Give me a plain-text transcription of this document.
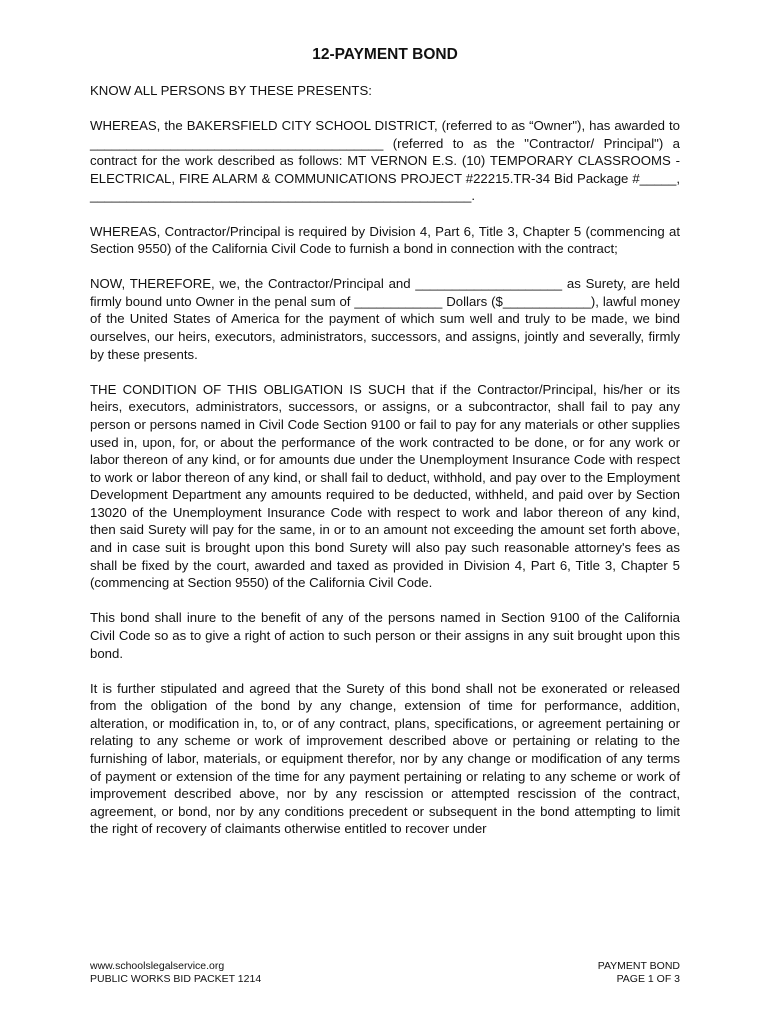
12-PAYMENT BOND

KNOW ALL PERSONS BY THESE PRESENTS:

WHEREAS, the BAKERSFIELD CITY SCHOOL DISTRICT, (referred to as “Owner"), has awarded to ________________________________________ (referred to as the "Contractor/ Principal") a contract for the work described as follows: MT VERNON E.S. (10) TEMPORARY CLASSROOMS - ELECTRICAL, FIRE ALARM & COMMUNICATIONS PROJECT #22215.TR-34 Bid Package #_____, ____________________________________________________.

WHEREAS, Contractor/Principal is required by Division 4, Part 6, Title 3, Chapter 5 (commencing at Section 9550) of the California Civil Code to furnish a bond in connection with the contract;

NOW, THEREFORE, we, the Contractor/Principal and ____________________ as Surety, are held firmly bound unto Owner in the penal sum of ____________ Dollars ($____________), lawful money of the United States of America for the payment of which sum well and truly to be made, we bind ourselves, our heirs, executors, administrators, successors, and assigns, jointly and severally, firmly by these presents.

THE CONDITION OF THIS OBLIGATION IS SUCH that if the Contractor/Principal, his/her or its heirs, executors, administrators, successors, or assigns, or a subcontractor, shall fail to pay any person or persons named in Civil Code Section 9100 or fail to pay for any materials or other supplies used in, upon, for, or about the performance of the work contracted to be done, or for any work or labor thereon of any kind, or for amounts due under the Unemployment Insurance Code with respect to work or labor thereon of any kind, or shall fail to deduct, withhold, and pay over to the Employment Development Department any amounts required to be deducted, withheld, and paid over by Section 13020 of the Unemployment Insurance Code with respect to work and labor thereon of any kind, then said Surety will pay for the same, in or to an amount not exceeding the amount set forth above, and in case suit is brought upon this bond Surety will also pay such reasonable attorney's fees as shall be fixed by the court, awarded and taxed as provided in Division 4, Part 6, Title 3, Chapter 5 (commencing at Section 9550) of the California Civil Code.

This bond shall inure to the benefit of any of the persons named in Section 9100 of the California Civil Code so as to give a right of action to such person or their assigns in any suit brought upon this bond.

It is further stipulated and agreed that the Surety of this bond shall not be exonerated or released from the obligation of the bond by any change, extension of time for performance, addition, alteration, or modification in, to, or of any contract, plans, specifications, or agreement pertaining or relating to any scheme or work of improvement described above or pertaining or relating to the furnishing of labor, materials, or equipment therefor, nor by any change or modification of any terms of payment or extension of the time for any payment pertaining or relating to any scheme or work of improvement described above, nor by any rescission or attempted rescission of the contract, agreement, or bond, nor by any conditions precedent or subsequent in the bond attempting to limit the right of recovery of claimants otherwise entitled to recover under

www.schoolslegalservice.org
PUBLIC WORKS BID PACKET 1214
PAYMENT BOND
PAGE 1 OF 3
